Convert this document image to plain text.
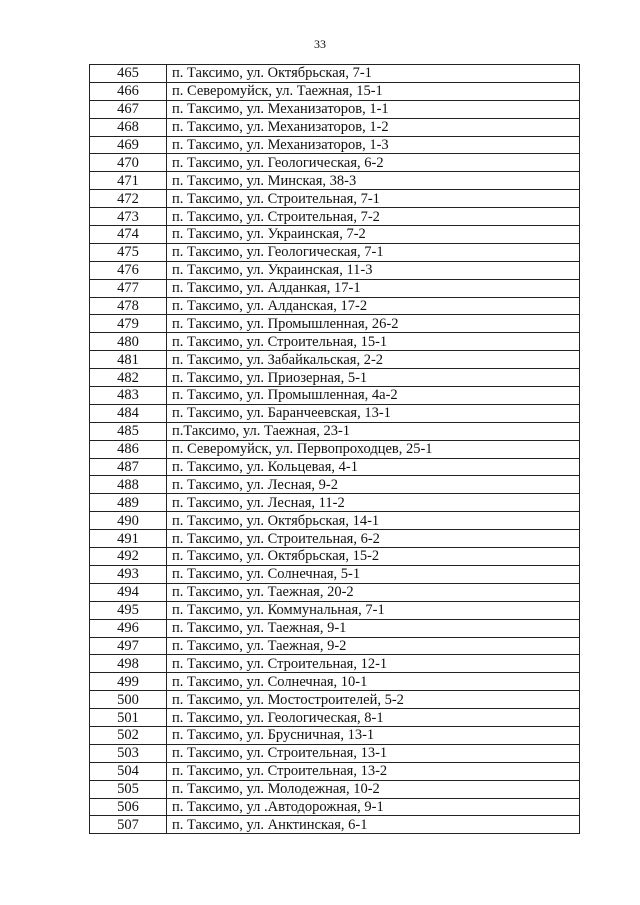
33
465	п. Таксимо, ул. Октябрьская, 7-1
466	п. Северомуйск, ул. Таежная, 15-1
467	п. Таксимо, ул. Механизаторов, 1-1
468	п. Таксимо, ул. Механизаторов, 1-2
469	п. Таксимо, ул. Механизаторов, 1-3
470	п. Таксимо, ул. Геологическая, 6-2
471	п. Таксимо, ул. Минская, 38-3
472	п. Таксимо, ул. Строительная, 7-1
473	п. Таксимо, ул. Строительная, 7-2
474	п. Таксимо, ул. Украинская, 7-2
475	п. Таксимо, ул. Геологическая, 7-1
476	п. Таксимо, ул. Украинская, 11-3
477	п. Таксимо, ул. Алданкая, 17-1
478	п. Таксимо, ул. Алданская, 17-2
479	п. Таксимо, ул. Промышленная, 26-2
480	п. Таксимо, ул. Строительная, 15-1
481	п. Таксимо, ул. Забайкальская, 2-2
482	п. Таксимо, ул. Приозерная, 5-1
483	п. Таксимо, ул. Промышленная, 4а-2
484	п. Таксимо, ул. Баранчеевская, 13-1
485	п.Таксимо, ул. Таежная, 23-1
486	п. Северомуйск, ул. Первопроходцев, 25-1
487	п. Таксимо, ул. Кольцевая, 4-1
488	п. Таксимо, ул. Лесная, 9-2
489	п. Таксимо, ул. Лесная, 11-2
490	п. Таксимо, ул. Октябрьская, 14-1
491	п. Таксимо, ул. Строительная, 6-2
492	п. Таксимо, ул. Октябрьская, 15-2
493	п. Таксимо, ул. Солнечная, 5-1
494	п. Таксимо, ул. Таежная, 20-2
495	п. Таксимо, ул. Коммунальная, 7-1
496	п. Таксимо, ул. Таежная, 9-1
497	п. Таксимо, ул. Таежная, 9-2
498	п. Таксимо, ул. Строительная, 12-1
499	п. Таксимо, ул. Солнечная, 10-1
500	п. Таксимо, ул. Мостостроителей, 5-2
501	п. Таксимо, ул. Геологическая, 8-1
502	п. Таксимо, ул. Брусничная, 13-1
503	п. Таксимо, ул. Строительная, 13-1
504	п. Таксимо, ул. Строительная, 13-2
505	п. Таксимо, ул. Молодежная, 10-2
506	п. Таксимо, ул .Автодорожная, 9-1
507	п. Таксимо, ул. Анктинская, 6-1
